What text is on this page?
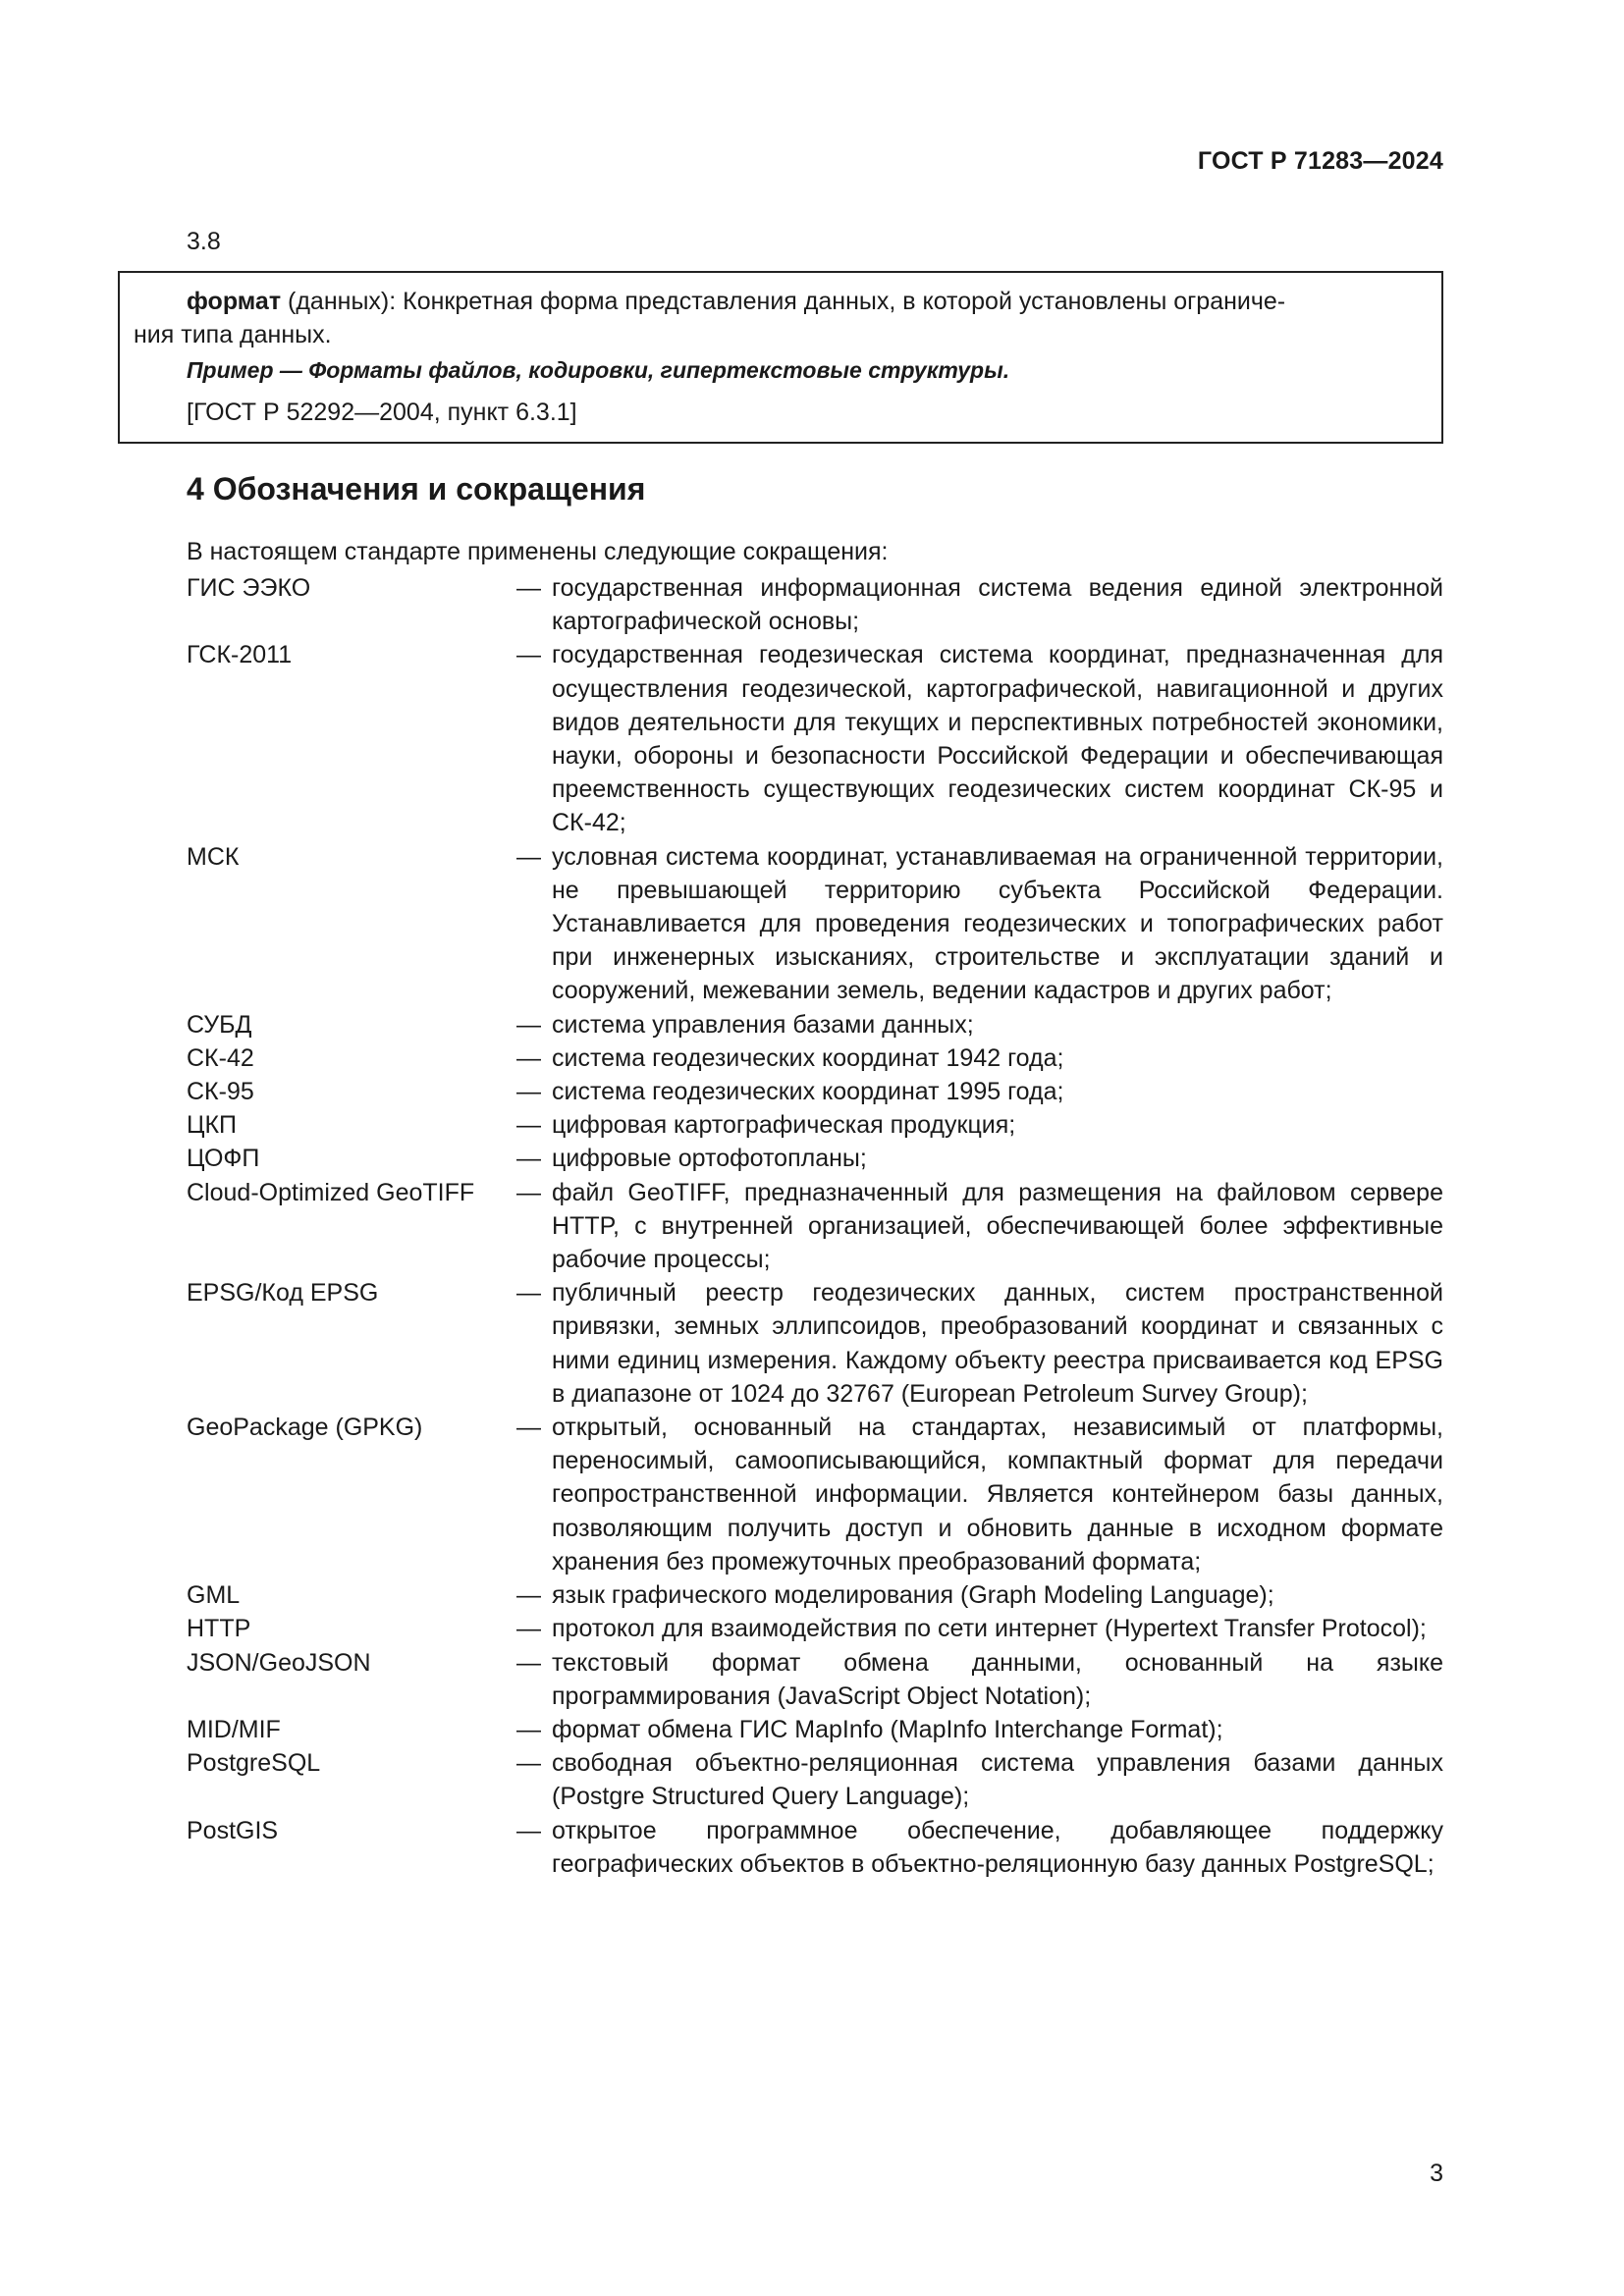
ГОСТ Р 71283—2024
3.8
формат (данных): Конкретная форма представления данных, в которой установлены ограниче-
ния типа данных.
Пример — Форматы файлов, кодировки, гипертекстовые структуры.
[ГОСТ Р 52292—2004, пункт 6.3.1]
4 Обозначения и сокращения
В настоящем стандарте применены следующие сокращения:
ГИС ЭЭКО	— государственная информационная система ведения единой электронной картографической основы;
ГСК-2011	— государственная геодезическая система координат, предназначенная для осуществления геодезической, картографической, навигационной и других видов деятельности для текущих и перспективных потребностей экономики, науки, обороны и безопасности Российской Федерации и обеспечивающая преемственность существующих геодезических систем координат СК-95 и СК-42;
МСК	— условная система координат, устанавливаемая на ограниченной территории, не превышающей территорию субъекта Российской Федерации. Устанавливается для проведения геодезических и топографических работ при инженерных изысканиях, строительстве и эксплуатации зданий и сооружений, межевании земель, ведении кадастров и других работ;
СУБД	— система управления базами данных;
СК-42	— система геодезических координат 1942 года;
СК-95	— система геодезических координат 1995 года;
ЦКП	— цифровая картографическая продукция;
ЦОФП	— цифровые ортофотопланы;
Cloud-Optimized GeoTIFF	— файл GeoTIFF, предназначенный для размещения на файловом сервере HTTP, с внутренней организацией, обеспечивающей более эффективные рабочие процессы;
EPSG/Код EPSG	— публичный реестр геодезических данных, систем пространственной привязки, земных эллипсоидов, преобразований координат и связанных с ними единиц измерения. Каждому объекту реестра присваивается код EPSG в диапазоне от 1024 до 32767 (European Petroleum Survey Group);
GeoPackage (GPKG)	— открытый, основанный на стандартах, независимый от платформы, переносимый, самоописывающийся, компактный формат для передачи геопространственной информации. Является контейнером базы данных, позволяющим получить доступ и обновить данные в исходном формате хранения без промежуточных преобразований формата;
GML	— язык графического моделирования (Graph Modeling Language);
HTTP	— протокол для взаимодействия по сети интернет (Hypertext Transfer Protocol);
JSON/GeoJSON	— текстовый формат обмена данными, основанный на языке программирования (JavaScript Object Notation);
MID/MIF	— формат обмена ГИС MapInfo (MapInfo Interchange Format);
PostgreSQL	— свободная объектно-реляционная система управления базами данных (Postgre Structured Query Language);
PostGIS	— открытое программное обеспечение, добавляющее поддержку географических объектов в объектно-реляционную базу данных PostgreSQL;
3
